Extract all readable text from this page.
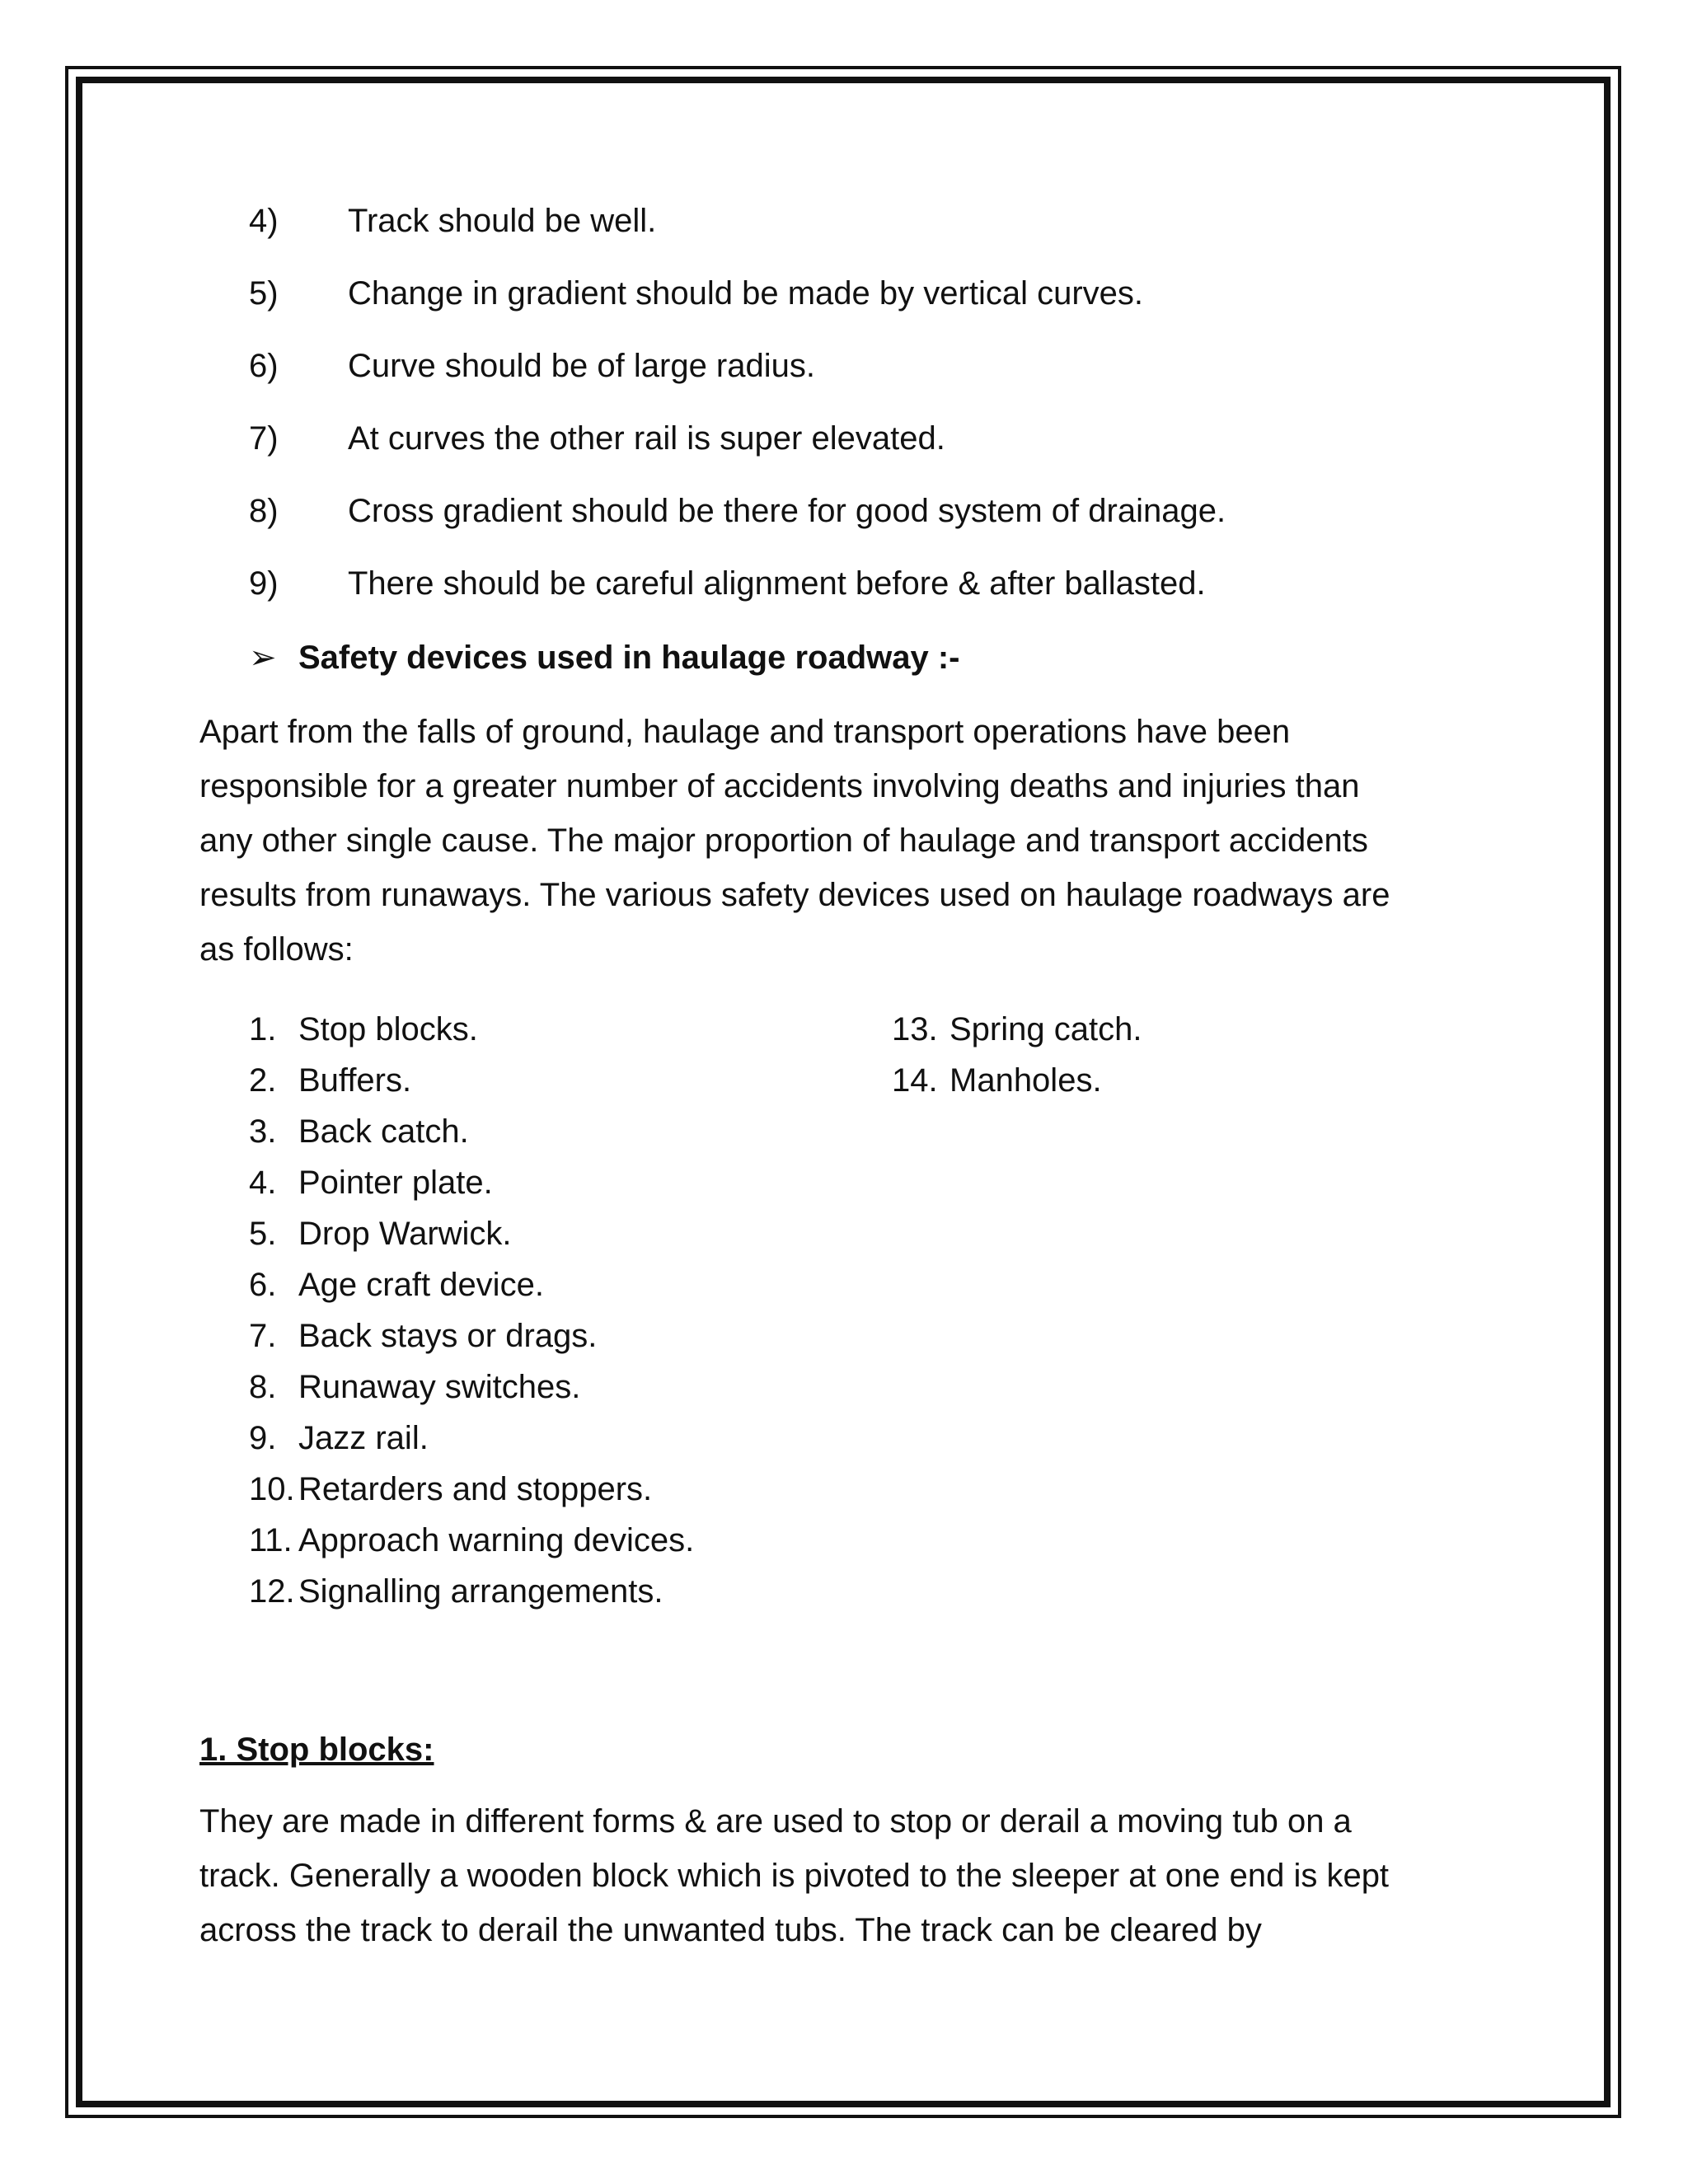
4)	Track should be well.
5)	Change in gradient should be made by vertical curves.
6)	Curve should be of large radius.
7)	At curves the other rail is super elevated.
8)	Cross gradient should be there for good system of drainage.
9)	There should be careful alignment before & after ballasted.
➢ Safety devices used in haulage roadway :-
Apart from the falls of ground, haulage and transport operations have been
responsible for a greater number of accidents involving deaths and injuries than
any other single cause. The major proportion of haulage and transport accidents
results from runaways. The various safety devices used on haulage roadways are
as follows:
1. Stop blocks.
2. Buffers.
3. Back catch.
4. Pointer plate.
5. Drop Warwick.
6. Age craft device.
7. Back stays or drags.
8. Runaway switches.
9. Jazz rail.
10. Retarders and stoppers.
11. Approach warning devices.
12. Signalling arrangements.
13. Spring catch.
14. Manholes.
1. Stop blocks:
They are made in different forms & are used to stop or derail a moving tub on a
track. Generally a wooden block which is pivoted to the sleeper at one end is kept
across the track to derail the unwanted tubs. The track can be cleared by
